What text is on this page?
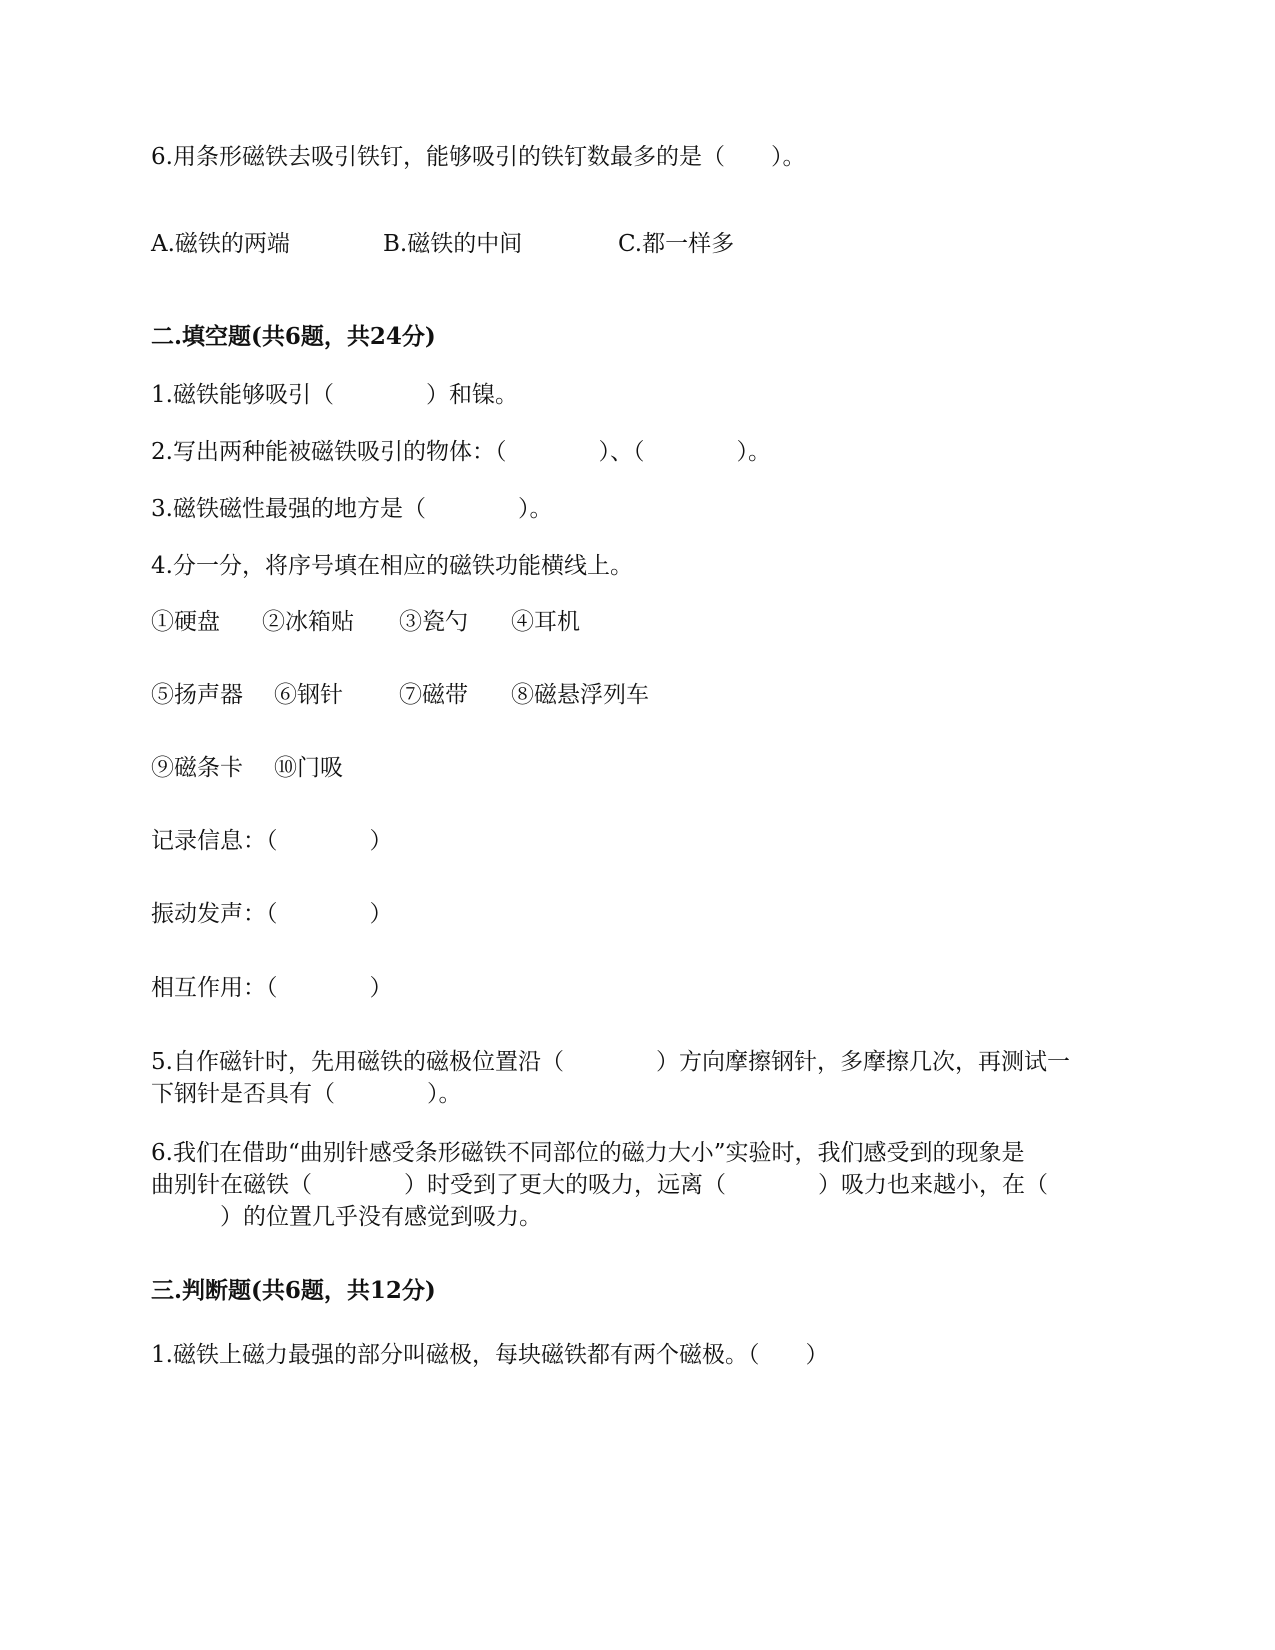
6.用条形磁铁去吸引铁钉，能够吸引的铁钉数最多的是（　　）。
A.磁铁的两端	B.磁铁的中间	C.都一样多
二.填空题(共6题，共24分)
1.磁铁能够吸引（　　　　）和镍。
2.写出两种能被磁铁吸引的物体：（　　　　）、（　　　　）。
3.磁铁磁性最强的地方是（　　　　）。
4.分一分，将序号填在相应的磁铁功能横线上。
①硬盘 ②冰箱贴 ③瓷勺 ④耳机
⑤扬声器 ⑥钢针 ⑦磁带 ⑧磁悬浮列车
⑨磁条卡 ⑩门吸
记录信息：（　　　　）
振动发声：（　　　　）
相互作用：（　　　　）
5.自作磁针时，先用磁铁的磁极位置沿（　　　　）方向摩擦钢针，多摩擦几次，再测试一
下钢针是否具有（　　　　）。
6.我们在借助“曲别针感受条形磁铁不同部位的磁力大小”实验时，我们感受到的现象是
曲别针在磁铁（　　　　）时受到了更大的吸力，远离（　　　　）吸力也来越小，在（
　　　）的位置几乎没有感觉到吸力。
三.判断题(共6题，共12分)
1.磁铁上磁力最强的部分叫磁极，每块磁铁都有两个磁极。（　　）
